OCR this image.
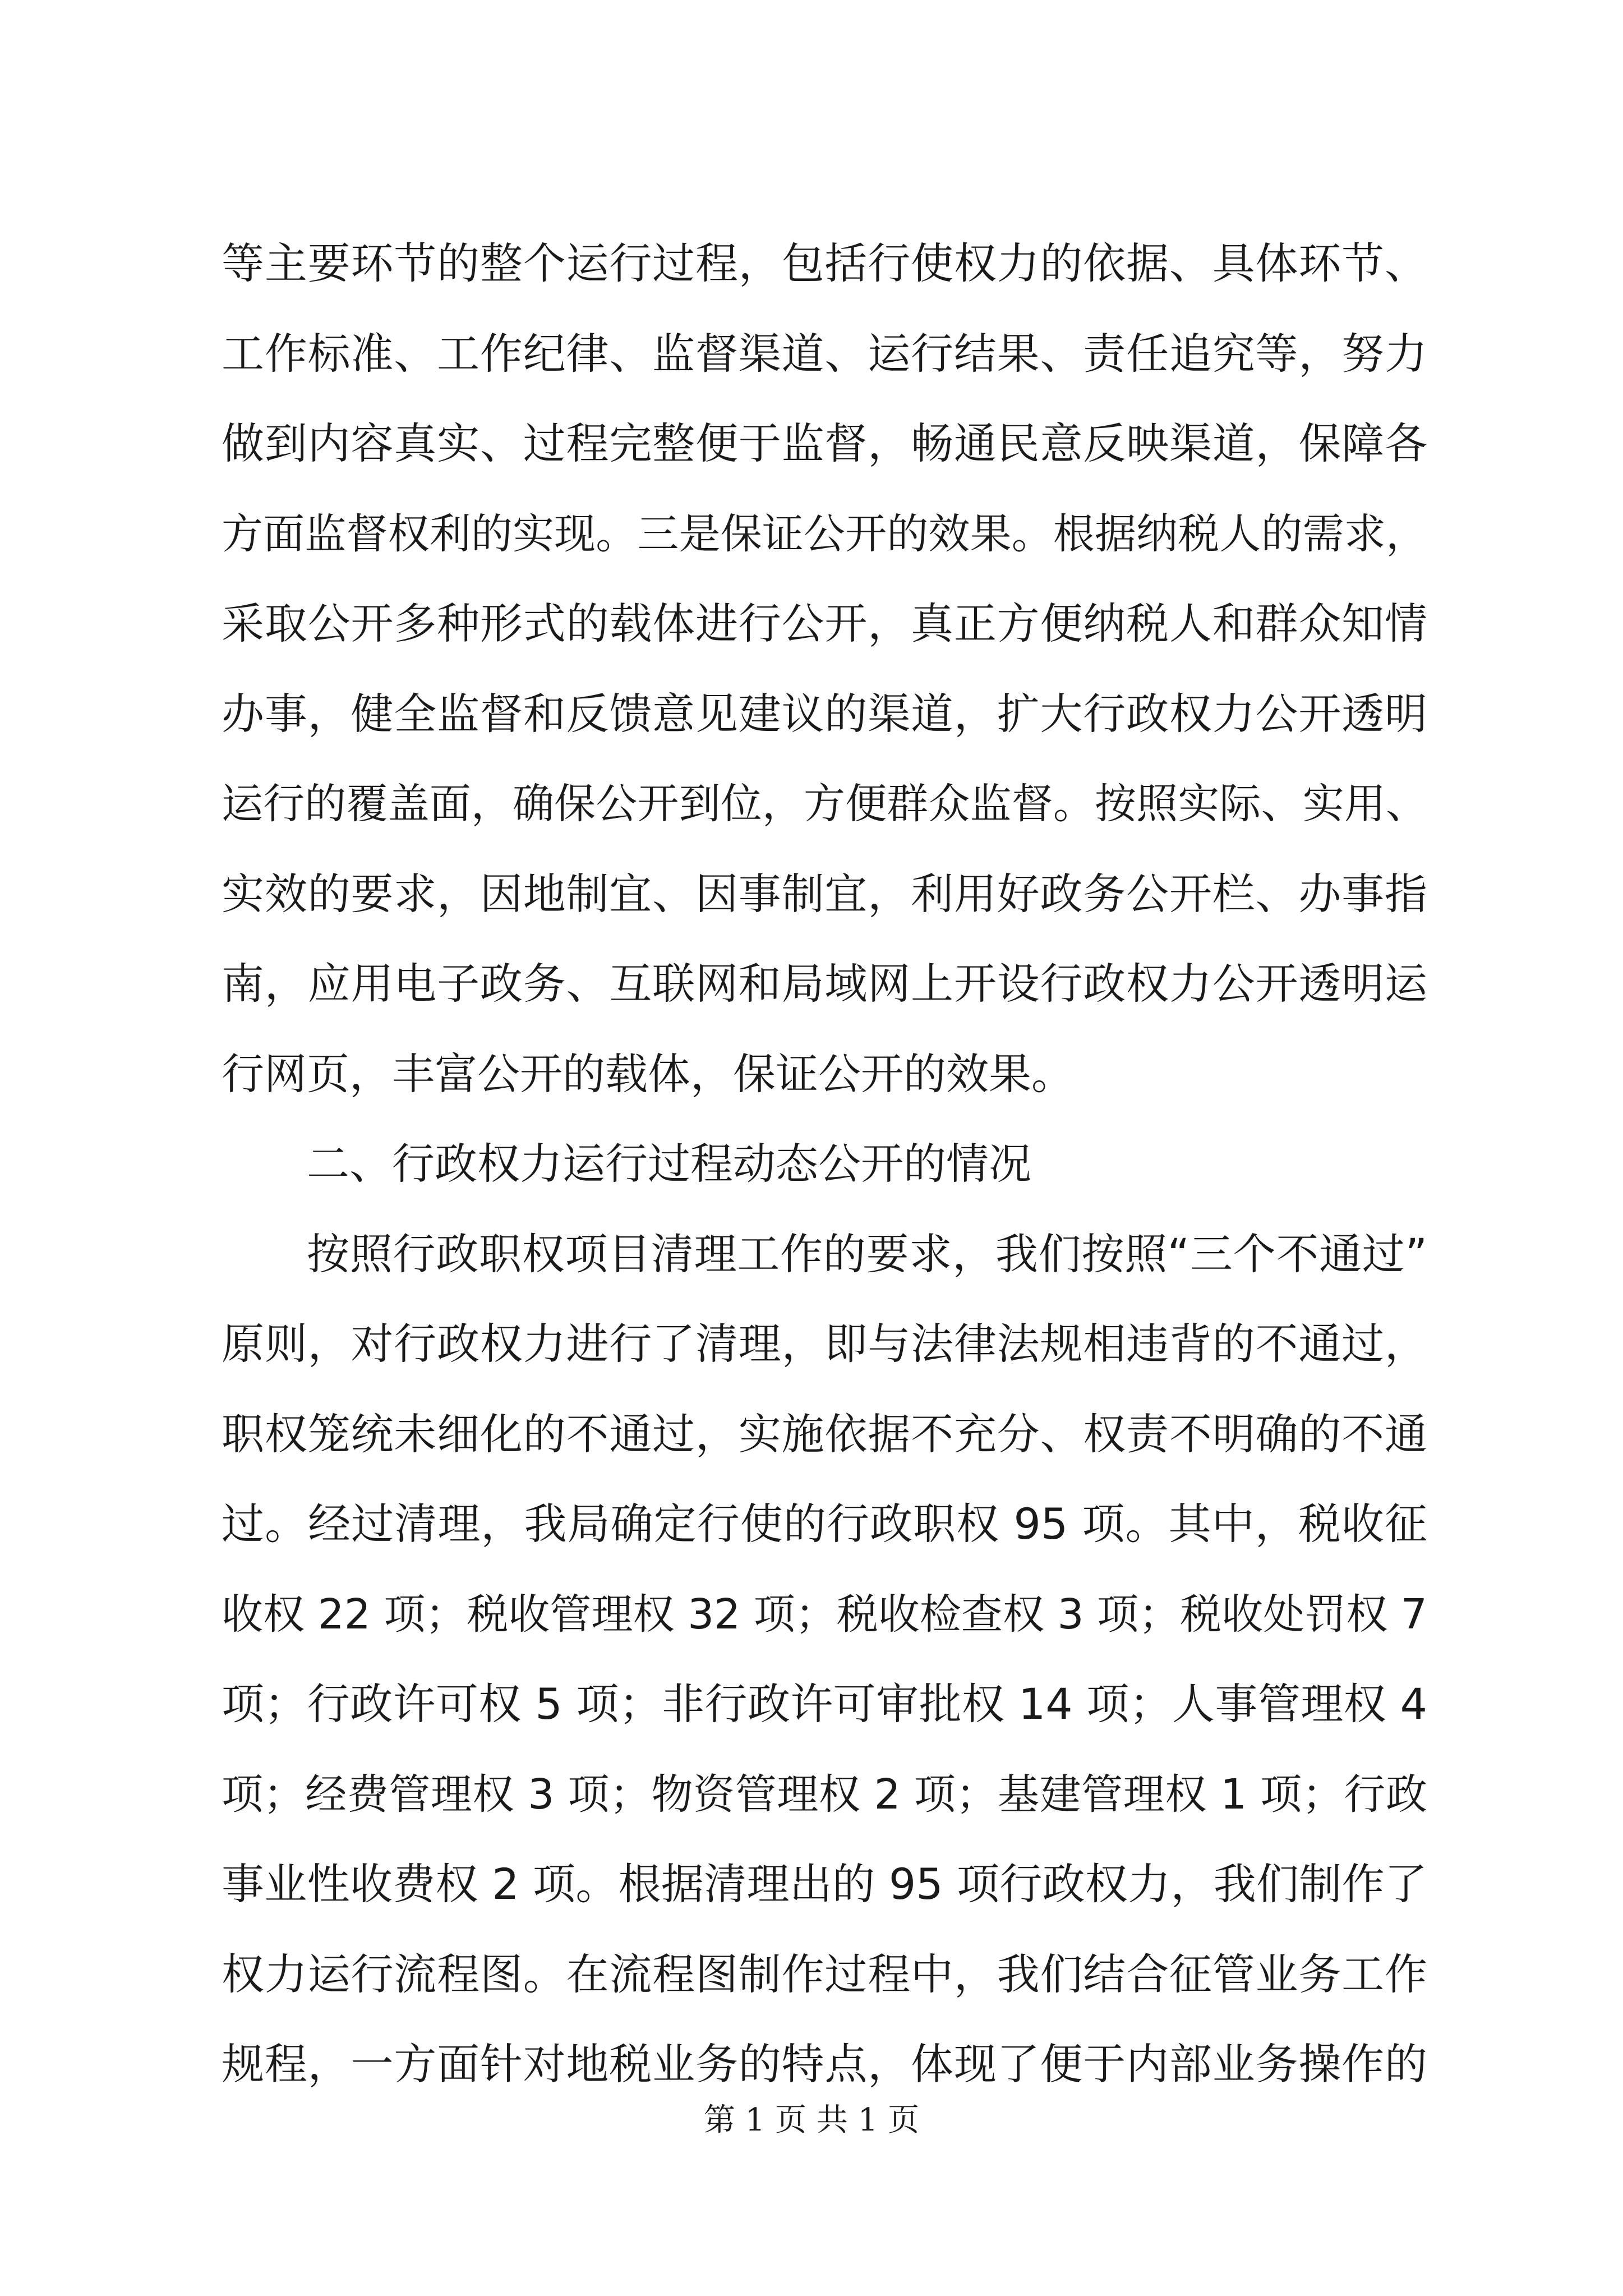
等主要环节的整个运行过程，包括行使权力的依据、具体环节、
工作标准、工作纪律、监督渠道、运行结果、责任追究等，努力
做到内容真实、过程完整便于监督，畅通民意反映渠道，保障各
方面监督权利的实现。三是保证公开的效果。根据纳税人的需求，
采取公开多种形式的载体进行公开，真正方便纳税人和群众知情
办事，健全监督和反馈意见建议的渠道，扩大行政权力公开透明
运行的覆盖面，确保公开到位，方便群众监督。按照实际、实用、
实效的要求，因地制宜、因事制宜，利用好政务公开栏、办事指
南，应用电子政务、互联网和局域网上开设行政权力公开透明运
行网页，丰富公开的载体，保证公开的效果。
二、行政权力运行过程动态公开的情况
按照行政职权项目清理工作的要求，我们按照“三个不通过”
原则，对行政权力进行了清理，即与法律法规相违背的不通过，
职权笼统未细化的不通过，实施依据不充分、权责不明确的不通
过。经过清理，我局确定行使的行政职权 95 项。其中，税收征
收权 22 项；税收管理权 32 项；税收检查权 3 项；税收处罚权 7
项；行政许可权 5 项；非行政许可审批权 14 项；人事管理权 4
项；经费管理权 3 项；物资管理权 2 项；基建管理权 1 项；行政
事业性收费权 2 项。根据清理出的 95 项行政权力，我们制作了
权力运行流程图。在流程图制作过程中，我们结合征管业务工作
规程，一方面针对地税业务的特点，体现了便于内部业务操作的
第 1 页 共 1 页
